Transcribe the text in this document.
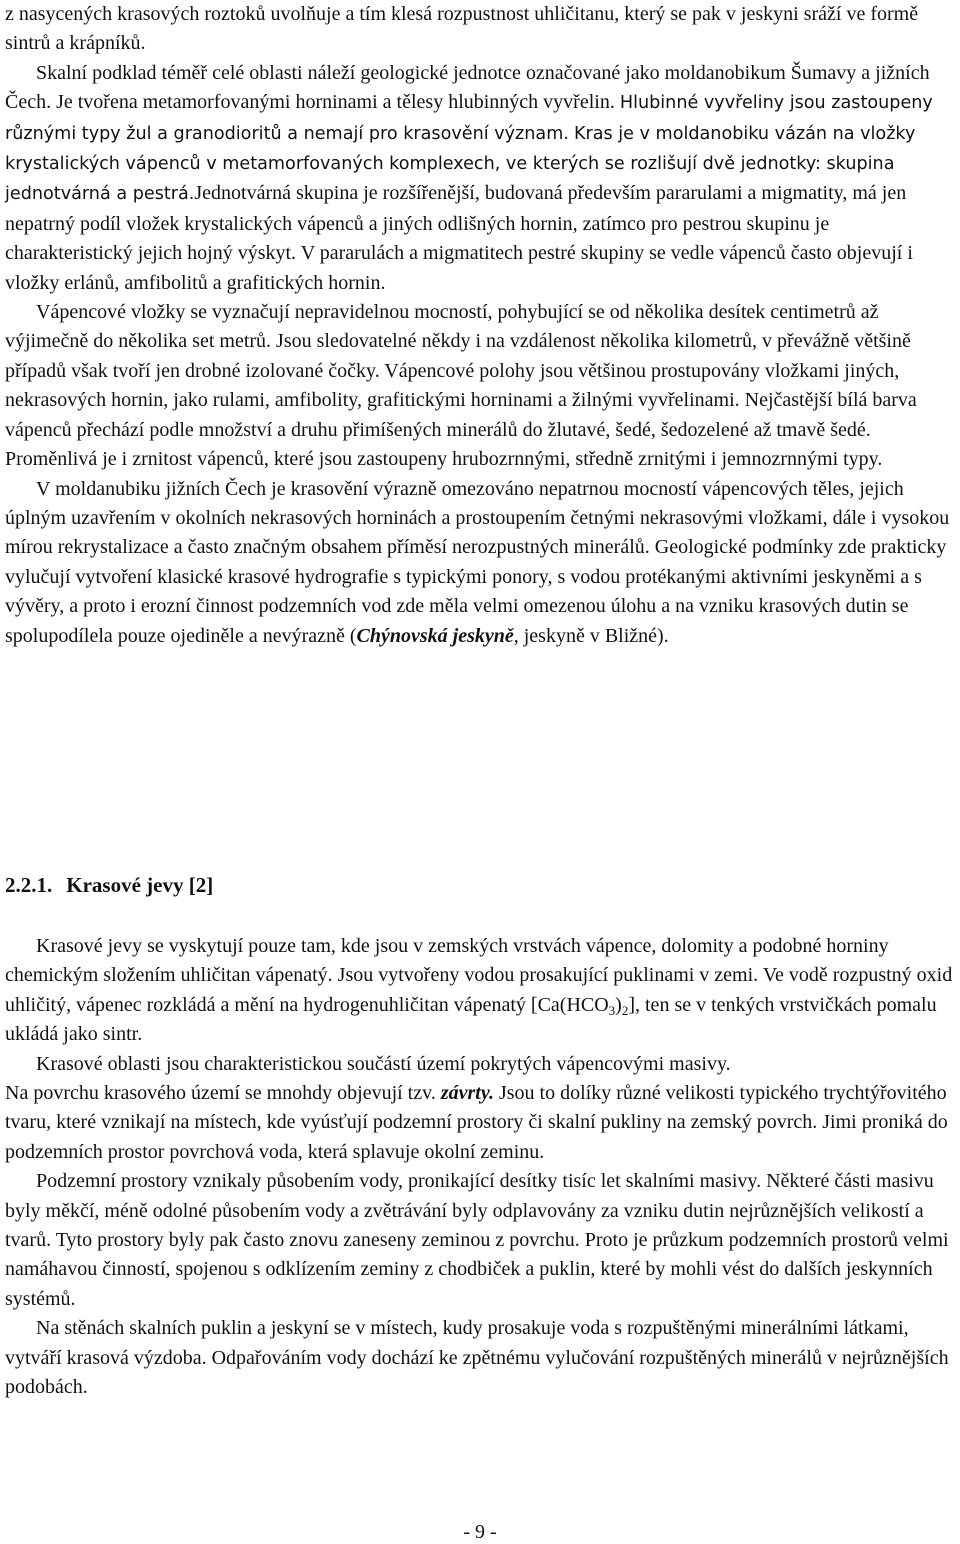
z nasycených krasových roztoků uvolňuje a tím klesá rozpustnost uhličitanu, který se pak v jeskyni sráží ve formě sintrů a krápníků.
Skalní podklad téměř celé oblasti náleží geologické jednotce označované jako moldanobikum Šumavy a jižních Čech. Je tvořena metamorfovanými horninami a tělesy hlubinných vyvřelin. Hlubinné vyvřeliny jsou zastoupeny různými typy žul a granodioritů a nemají pro krasovění význam. Kras je v moldanobiku vázán na vložky krystalických vápenců v metamorfovaných komplexech, ve kterých se rozlišují dvě jednotky: skupina jednotvárná a pestrá.Jednotvárná skupina je rozšířenější, budovaná především pararulami a migmatity, má jen nepatrný podíl vložek krystalických vápenců a jiných odlišných hornin, zatímco pro pestrou skupinu je charakteristický jejich hojný výskyt. V pararulách a migmatitech pestré skupiny se vedle vápenců často objevují i vložky erlánů, amfibolitů a grafitických hornin.

Vápencové vložky se vyznačují nepravidelnou mocností, pohybující se od několika desítek centimetrů až výjimečně do několika set metrů. Jsou sledovatelné někdy i na vzdálenost několika kilometrů, v převážně většině případů však tvoří jen drobné izolované čočky. Vápencové polohy jsou většinou prostupovány vložkami jiných, nekrasových hornin, jako rulami, amfibolity, grafitickými horninami a žilnými vyvřelinami. Nejčastější bílá barva vápenců přechází podle množství a druhu přimíšených minerálů do žlutavé, šedé, šedozelené až tmavě šedé. Proměnlivá je i zrnitost vápenců, které jsou zastoupeny hrubozrnnými, středně zrnitými i jemnozrnnými typy.

V moldanubiku jižních Čech je krasovění výrazně omezováno nepatrnou mocností vápencových těles, jejich úplným uzavřením v okolních nekrasových horninách a prostoupením četnými nekrasovými vložkami, dále i vysokou mírou rekrystalizace a často značným obsahem příměsí nerozpustných minerálů. Geologické podmínky zde prakticky vylučují vytvoření klasické krasové hydrografie s typickými ponory, s vodou protékanými aktivními jeskyněmi a s vývěry, a proto i erozní činnost podzemních vod zde měla velmi omezenou úlohu a na vzniku krasových dutin se spolupodílela pouze ojediněle a nevýrazně (Chýnovská jeskyně, jeskyně v Bližné).

2.2.1. Krasové jevy [2]

Krasové jevy se vyskytují pouze tam, kde jsou v zemských vrstvách vápence, dolomity a podobné horniny chemickým složením uhličitan vápenatý. Jsou vytvořeny vodou prosakující puklinami v zemi. Ve vodě rozpustný oxid uhličitý, vápenec rozkládá a mění na hydrogenuhličitan vápenatý $[Ca(HCO_3)_2]$, ten se v tenkých vrstvičkách pomalu ukládá jako sintr.

Krasové oblasti jsou charakteristickou součástí území pokrytých vápencovými masivy.
Na povrchu krasového území se mnohdy objevují tzv. závrty. Jsou to dolíky různé velikosti typického trychtýřovitého tvaru, které vznikají na místech, kde vyúsťují podzemní prostory či skalní pukliny na zemský povrch. Jimi proniká do podzemních prostor povrchová voda, která splavuje okolní zeminu.

Podzemní prostory vznikaly působením vody, pronikající desítky tisíc let skalními masivy. Některé části masivu byly měkčí, méně odolné působením vody a zvětrávání byly odplavovány za vzniku dutin nejrůznějších velikostí a tvarů. Tyto prostory byly pak často znovu zaneseny zeminou z povrchu. Proto je průzkum podzemních prostorů velmi namáhavou činností, spojenou s odklízením zeminy z chodbiček a puklin, které by mohli vést do dalších jeskynních systémů.

Na stěnách skalních puklin a jeskyní se v místech, kudy prosakuje voda s rozpuštěnými minerálními látkami, vytváří krasová výzdoba. Odpařováním vody dochází ke zpětnému vylučování rozpuštěných minerálů v nejrůznějších podobách.

- 9 -
